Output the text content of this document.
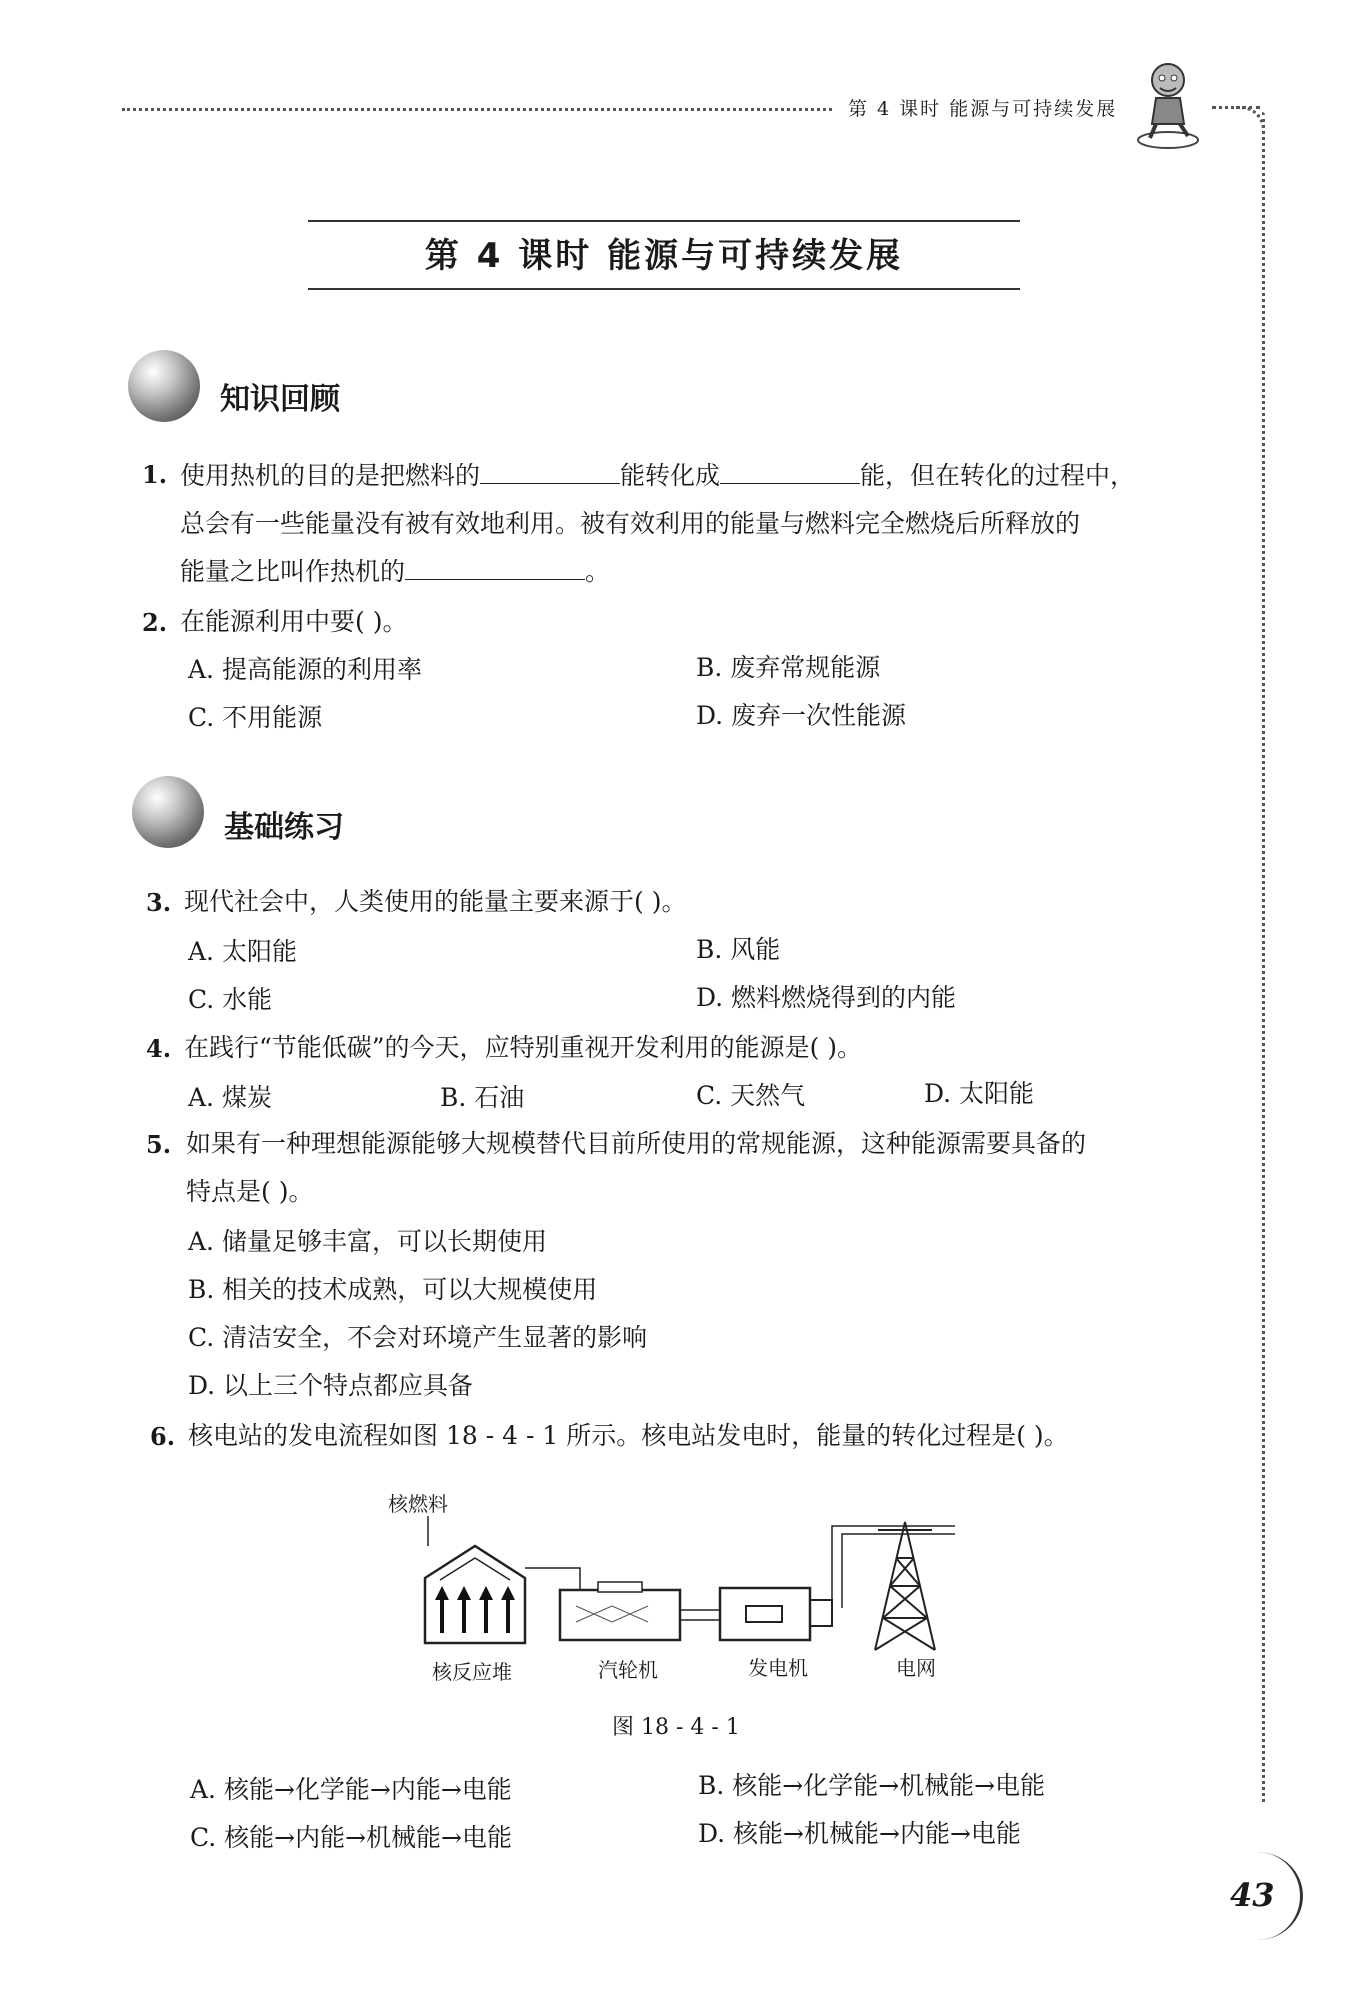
第 4 课时 能源与可持续发展
第 4 课时 能源与可持续发展
知识回顾
1. 使用热机的目的是把燃料的	能转化成	能，但在转化的过程中，
总会有一些能量没有被有效地利用。被有效利用的能量与燃料完全燃烧后所释放的
能量之比叫作热机的	。
2. 在能源利用中要( )。
A. 提高能源的利用率	B. 废弃常规能源
C. 不用能源	D. 废弃一次性能源
基础练习
3. 现代社会中，人类使用的能量主要来源于( )。
A. 太阳能	B. 风能
C. 水能	D. 燃料燃烧得到的内能
4. 在践行“节能低碳”的今天，应特别重视开发利用的能源是( )。
A. 煤炭	B. 石油	C. 天然气	D. 太阳能
5. 如果有一种理想能源能够大规模替代目前所使用的常规能源，这种能源需要具备的
特点是( )。
A. 储量足够丰富，可以长期使用
B. 相关的技术成熟，可以大规模使用
C. 清洁安全，不会对环境产生显著的影响
D. 以上三个特点都应具备
6. 核电站的发电流程如图 18 - 4 - 1 所示。核电站发电时，能量的转化过程是( )。
核燃料
核反应堆	汽轮机	发电机	电网
图 18 - 4 - 1
A. 核能→化学能→内能→电能	B. 核能→化学能→机械能→电能
C. 核能→内能→机械能→电能	D. 核能→机械能→内能→电能
43
